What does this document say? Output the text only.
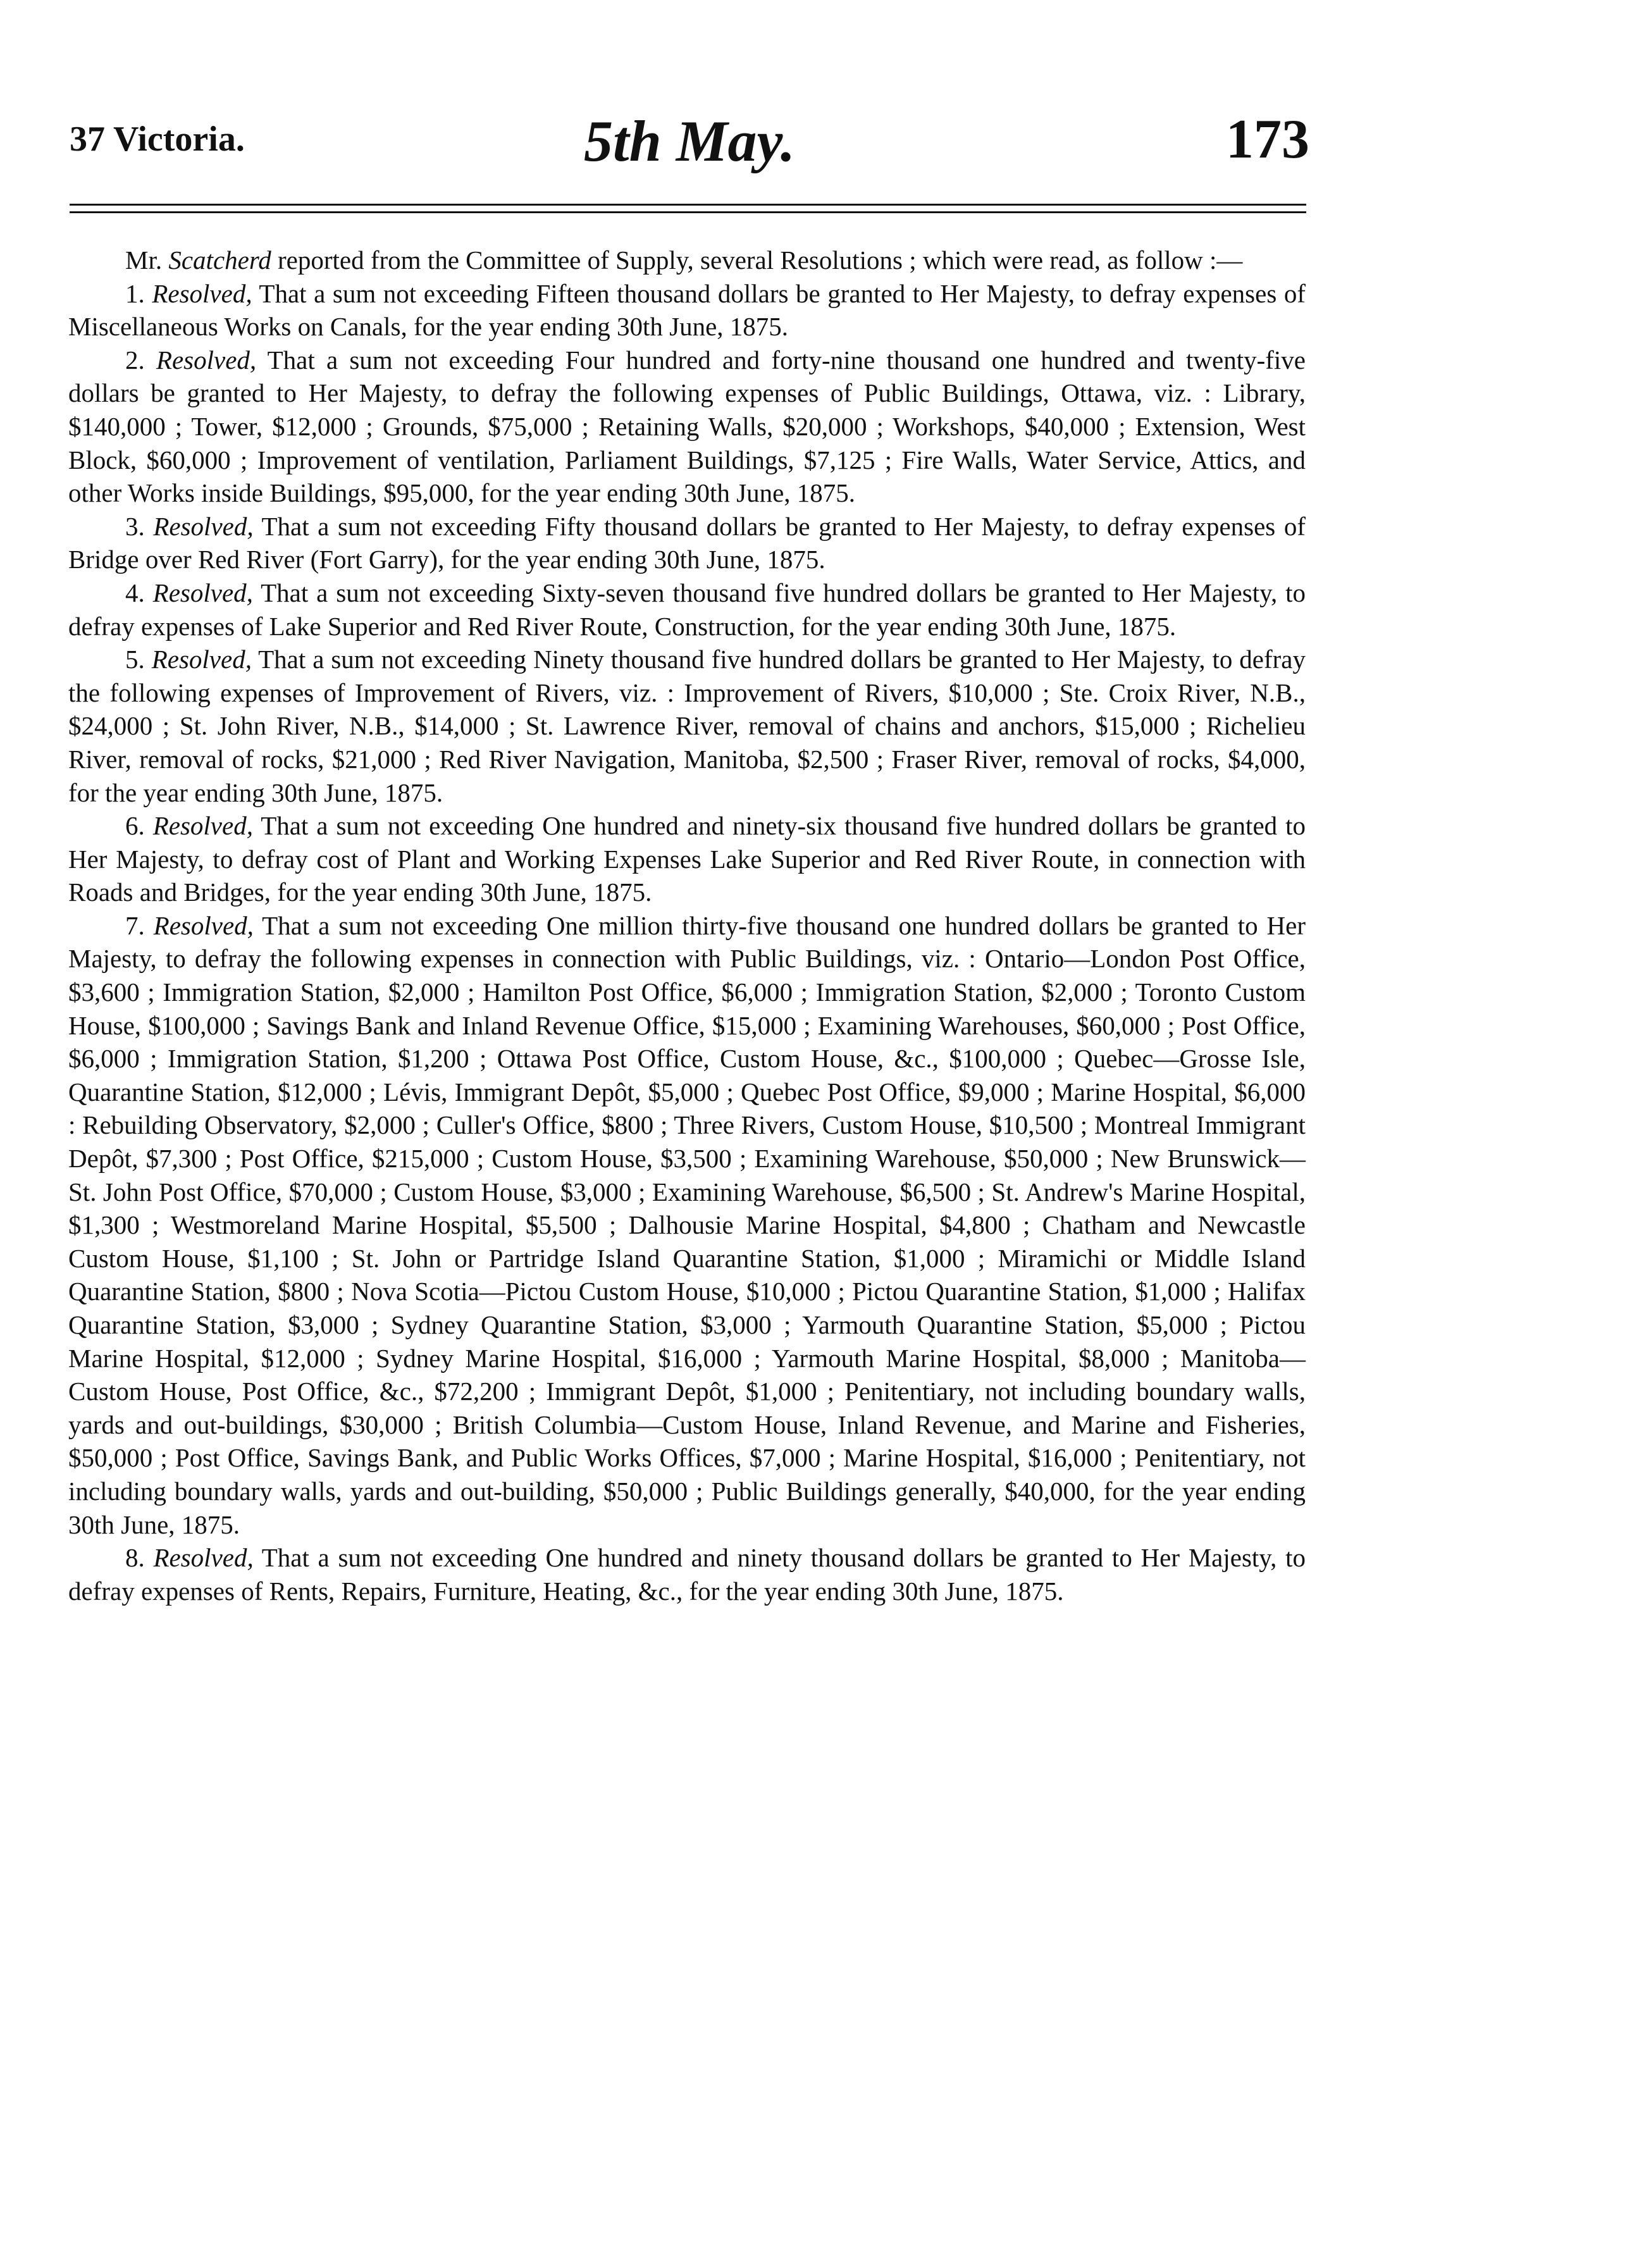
37 Victoria.	5th May.	173

Mr. Scatcherd reported from the Committee of Supply, several Resolutions ; which were read, as follow :—

1. Resolved, That a sum not exceeding Fifteen thousand dollars be granted to Her Majesty, to defray expenses of Miscellaneous Works on Canals, for the year ending 30th June, 1875.

2. Resolved, That a sum not exceeding Four hundred and forty-nine thousand one hundred and twenty-five dollars be granted to Her Majesty, to defray the following expenses of Public Buildings, Ottawa, viz. : Library, $140,000 ; Tower, $12,000 ; Grounds, $75,000 ; Retaining Walls, $20,000 ; Workshops, $40,000 ; Extension, West Block, $60,000 ; Improvement of ventilation, Parliament Buildings, $7,125 ; Fire Walls, Water Service, Attics, and other Works inside Buildings, $95,000, for the year ending 30th June, 1875.

3. Resolved, That a sum not exceeding Fifty thousand dollars be granted to Her Majesty, to defray expenses of Bridge over Red River (Fort Garry), for the year ending 30th June, 1875.

4. Resolved, That a sum not exceeding Sixty-seven thousand five hundred dollars be granted to Her Majesty, to defray expenses of Lake Superior and Red River Route, Construction, for the year ending 30th June, 1875.

5. Resolved, That a sum not exceeding Ninety thousand five hundred dollars be granted to Her Majesty, to defray the following expenses of Improvement of Rivers, viz. : Improvement of Rivers, $10,000 ; Ste. Croix River, N.B., $24,000 ; St. John River, N.B., $14,000 ; St. Lawrence River, removal of chains and anchors, $15,000 ; Richelieu River, removal of rocks, $21,000 ; Red River Navigation, Manitoba, $2,500 ; Fraser River, removal of rocks, $4,000, for the year ending 30th June, 1875.

6. Resolved, That a sum not exceeding One hundred and ninety-six thousand five hundred dollars be granted to Her Majesty, to defray cost of Plant and Working Expenses Lake Superior and Red River Route, in connection with Roads and Bridges, for the year ending 30th June, 1875.

7. Resolved, That a sum not exceeding One million thirty-five thousand one hundred dollars be granted to Her Majesty, to defray the following expenses in connection with Public Buildings, viz. : Ontario—London Post Office, $3,600 ; Immigration Station, $2,000 ; Hamilton Post Office, $6,000 ; Immigration Station, $2,000 ; Toronto Custom House, $100,000 ; Savings Bank and Inland Revenue Office, $15,000 ; Examining Warehouses, $60,000 ; Post Office, $6,000 ; Immigration Station, $1,200 ; Ottawa Post Office, Custom House, &c., $100,000 ; Quebec—Grosse Isle, Quarantine Station, $12,000 ; Lévis, Immigrant Depôt, $5,000 ; Quebec Post Office, $9,000 ; Marine Hospital, $6,000 : Rebuilding Observatory, $2,000 ; Culler's Office, $800 ; Three Rivers, Custom House, $10,500 ; Montreal Immigrant Depôt, $7,300 ; Post Office, $215,000 ; Custom House, $3,500 ; Examining Warehouse, $50,000 ; New Brunswick—St. John Post Office, $70,000 ; Custom House, $3,000 ; Examining Warehouse, $6,500 ; St. Andrew's Marine Hospital, $1,300 ; Westmoreland Marine Hospital, $5,500 ; Dalhousie Marine Hospital, $4,800 ; Chatham and Newcastle Custom House, $1,100 ; St. John or Partridge Island Quarantine Station, $1,000 ; Miramichi or Middle Island Quarantine Station, $800 ; Nova Scotia—Pictou Custom House, $10,000 ; Pictou Quarantine Station, $1,000 ; Halifax Quarantine Station, $3,000 ; Sydney Quarantine Station, $3,000 ; Yarmouth Quarantine Station, $5,000 ; Pictou Marine Hospital, $12,000 ; Sydney Marine Hospital, $16,000 ; Yarmouth Marine Hospital, $8,000 ; Manitoba—Custom House, Post Office, &c., $72,200 ; Immigrant Depôt, $1,000 ; Penitentiary, not including boundary walls, yards and out-buildings, $30,000 ; British Columbia—Custom House, Inland Revenue, and Marine and Fisheries, $50,000 ; Post Office, Savings Bank, and Public Works Offices, $7,000 ; Marine Hospital, $16,000 ; Penitentiary, not including boundary walls, yards and out-building, $50,000 ; Public Buildings generally, $40,000, for the year ending 30th June, 1875.

8. Resolved, That a sum not exceeding One hundred and ninety thousand dollars be granted to Her Majesty, to defray expenses of Rents, Repairs, Furniture, Heating, &c., for the year ending 30th June, 1875.
